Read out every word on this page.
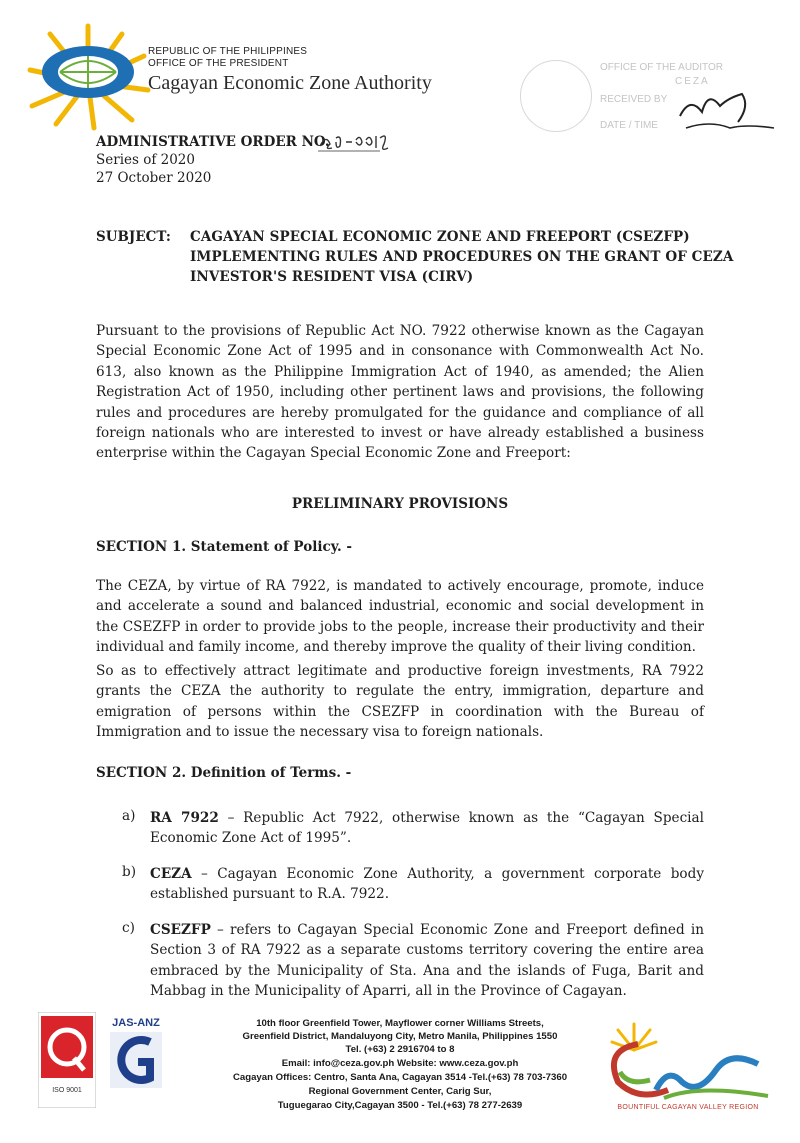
REPUBLIC OF THE PHILIPPINES
OFFICE OF THE PRESIDENT
Cagayan Economic Zone Authority
OFFICE OF THE AUDITOR
CEZA
RECEIVED BY
DATE / TIME
ADMINISTRATIVE ORDER NO.
Series of 2020
27 October 2020
SUBJECT: CAGAYAN SPECIAL ECONOMIC ZONE AND FREEPORT (CSEZFP)
IMPLEMENTING RULES AND PROCEDURES ON THE GRANT OF CEZA
INVESTOR'S RESIDENT VISA (CIRV)

Pursuant to the provisions of Republic Act NO. 7922 otherwise known as the Cagayan Special Economic Zone Act of 1995 and in consonance with Commonwealth Act No. 613, also known as the Philippine Immigration Act of 1940, as amended; the Alien Registration Act of 1950, including other pertinent laws and provisions, the following rules and procedures are hereby promulgated for the guidance and compliance of all foreign nationals who are interested to invest or have already established a business enterprise within the Cagayan Special Economic Zone and Freeport:

PRELIMINARY PROVISIONS
SECTION 1. Statement of Policy. -

The CEZA, by virtue of RA 7922, is mandated to actively encourage, promote, induce and accelerate a sound and balanced industrial, economic and social development in the CSEZFP in order to provide jobs to the people, increase their productivity and their individual and family income, and thereby improve the quality of their living condition.

So as to effectively attract legitimate and productive foreign investments, RA 7922 grants the CEZA the authority to regulate the entry, immigration, departure and emigration of persons within the CSEZFP in coordination with the Bureau of Immigration and to issue the necessary visa to foreign nationals.

SECTION 2. Definition of Terms. -
a) RA 7922 – Republic Act 7922, otherwise known as the “Cagayan Special Economic Zone Act of 1995”.

b) CEZA – Cagayan Economic Zone Authority, a government corporate body established pursuant to R.A. 7922.

c) CSEZFP – refers to Cagayan Special Economic Zone and Freeport defined in Section 3 of RA 7922 as a separate customs territory covering the entire area embraced by the Municipality of Sta. Ana and the islands of Fuga, Barit and Mabbag in the Municipality of Aparri, all in the Province of Cagayan.

ISO 9001
JAS-ANZ	10th floor Greenfield Tower, Mayflower corner Williams Streets,
Greenfield District, Mandaluyong City, Metro Manila, Philippines 1550
Tel. (+63) 2 2916704 to 8
Email: info@ceza.gov.ph Website: www.ceza.gov.ph
Cagayan Offices: Centro, Santa Ana, Cagayan 3514 -Tel.(+63) 78 703-7360
Regional Government Center, Carig Sur,
Tuguegarao City,Cagayan 3500 - Tel.(+63) 78 277-2639	BOUNTIFUL CAGAYAN VALLEY REGION
